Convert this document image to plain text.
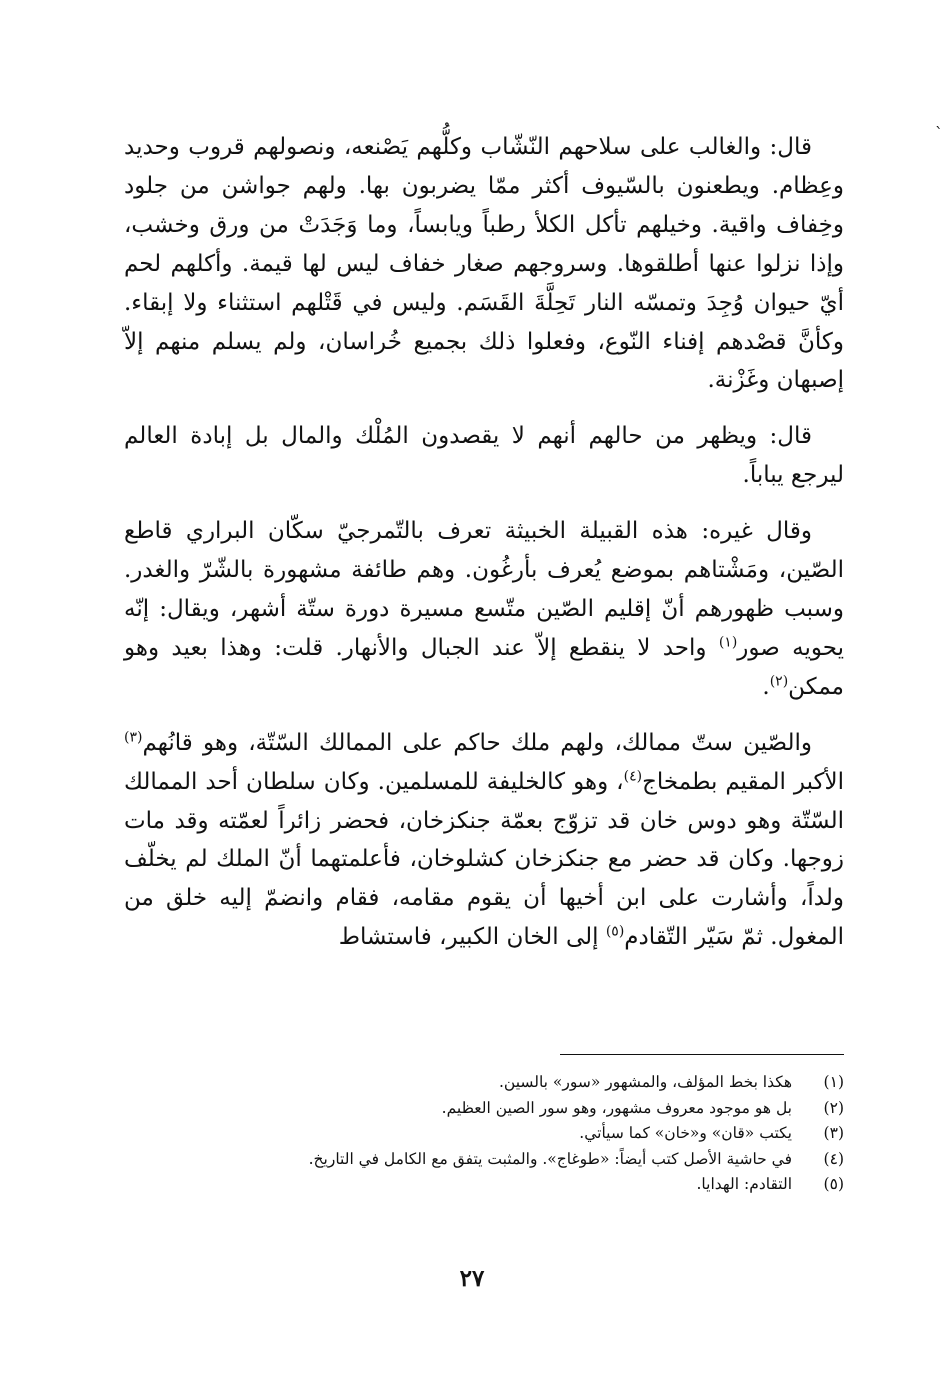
`

قال: والغالب على سلاحهم النّشّاب وكلُّهم يَصْنعه، ونصولهم قروب وحديد وعِظام. ويطعنون بالسّيوف أكثر ممّا يضربون بها. ولهم جواشن من جلود وخِفاف واقية. وخيلهم تأكل الكلأ رطباً ويابساً، وما وَجَدَتْ من ورق وخشب، وإذا نزلوا عنها أطلقوها. وسروجهم صغار خفاف ليس لها قيمة. وأكلهم لحم أيّ حيوان وُجِدَ وتمسّه النار تَحِلَّةَ القَسَم. وليس في قَتْلهم استثناء ولا إبقاء. وكأنَّ قصْدهم إفناء النّوع، وفعلوا ذلك بجميع خُراسان، ولم يسلم منهم إلاّ إصبهان وغَزْنة.

قال: ويظهر من حالهم أنهم لا يقصدون المُلْك والمال بل إبادة العالم ليرجع يباباً.

وقال غيره: هذه القبيلة الخبيثة تعرف بالتّمرجيّ سكّان البراري قاطع الصّين، ومَشْتاهم بموضع يُعرف بأرغُون. وهم طائفة مشهورة بالشّرّ والغدر. وسبب ظهورهم أنّ إقليم الصّين متّسع مسيرة دورة ستّة أشهر، ويقال: إنّه يحويه صور$^{(١)}$ واحد لا ينقطع إلاّ عند الجبال والأنهار. قلت: وهذا بعيد وهو ممكن$^{(٢)}$.

والصّين ستّ ممالك، ولهم ملك حاكم على الممالك السّتّة، وهو قانُهم$^{(٣)}$ الأكبر المقيم بطمخاج$^{(٤)}$، وهو كالخليفة للمسلمين. وكان سلطان أحد الممالك السّتّة وهو دوس خان قد تزوّج بعمّة جنكزخان، فحضر زائراً لعمّته وقد مات زوجها. وكان قد حضر مع جنكزخان كشلوخان، فأعلمتهما أنّ الملك لم يخلّف ولداً، وأشارت على ابن أخيها أن يقوم مقامه، فقام وانضمّ إليه خلق من المغول. ثمّ سَيّر التّقادم$^{(٥)}$ إلى الخان الكبير، فاستشاط

(١)
هكذا بخط المؤلف، والمشهور «سور» بالسين.
(٢)
بل هو موجود معروف مشهور، وهو سور الصين العظيم.
(٣)
يكتب «قان» و«خان» كما سيأتي.
(٤)
في حاشية الأصل كتب أيضاً: «طوغاج». والمثبت يتفق مع الكامل في التاريخ.
(٥)
التقادم: الهدايا.
٢٧
